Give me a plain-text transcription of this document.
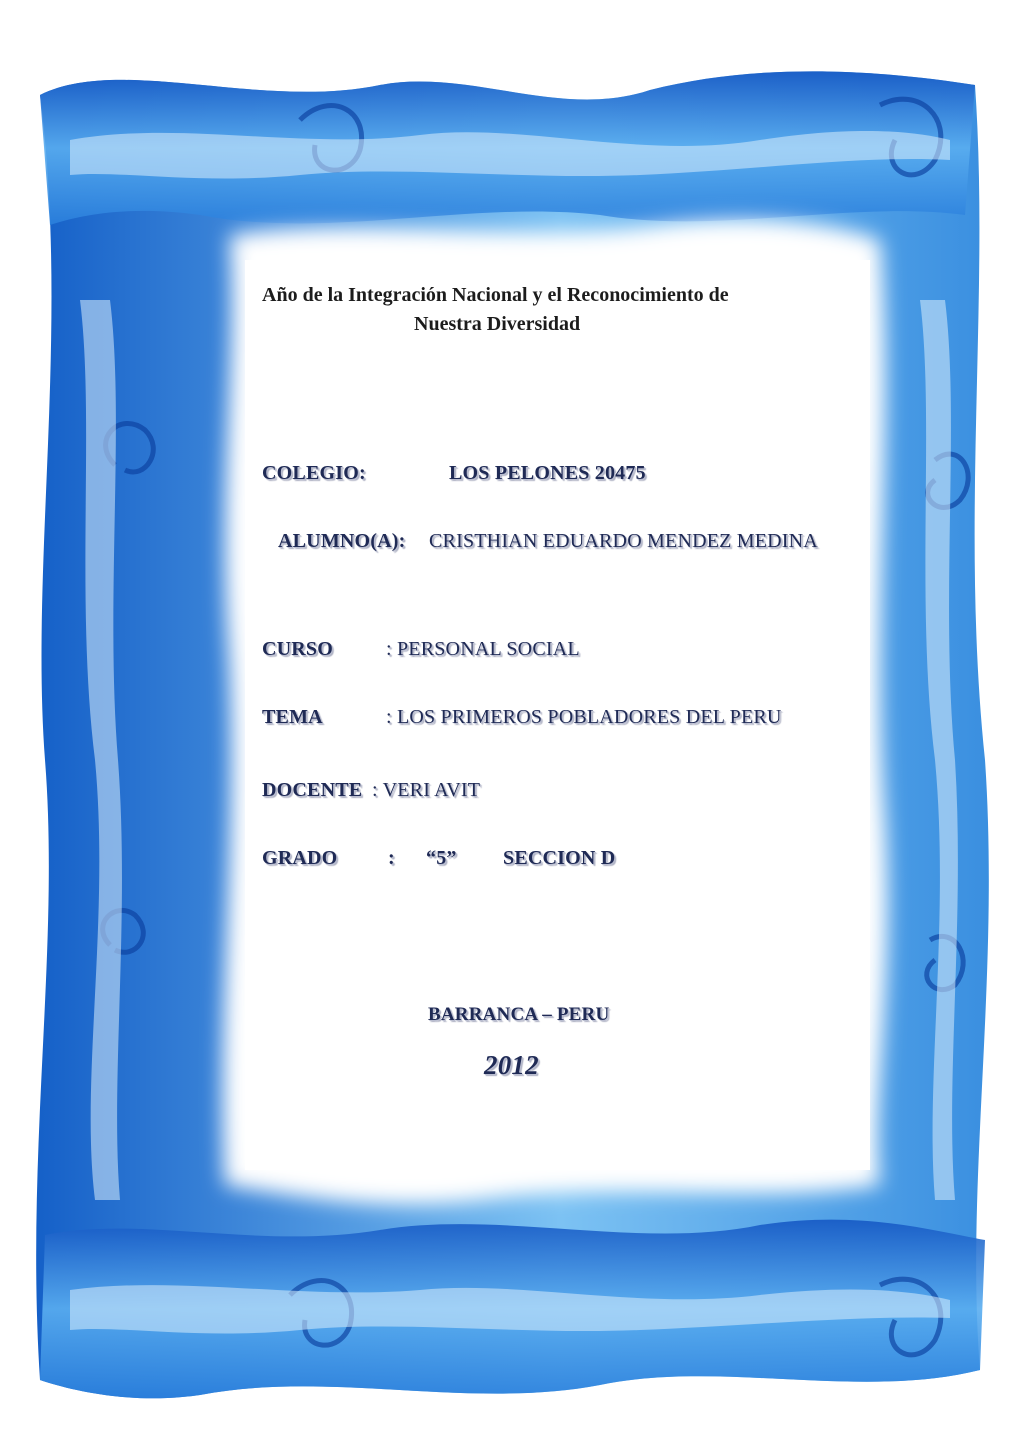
Año de la Integración Nacional y el Reconocimiento de
Nuestra Diversidad
COLEGIO:	LOS PELONES 20475
ALUMNO(A): CRISTHIAN EDUARDO MENDEZ MEDINA
CURSO	: PERSONAL SOCIAL
TEMA	: LOS PRIMEROS POBLADORES DEL PERU
DOCENTE : VERI AVIT
GRADO	: “5” SECCION D
BARRANCA – PERU
2012
